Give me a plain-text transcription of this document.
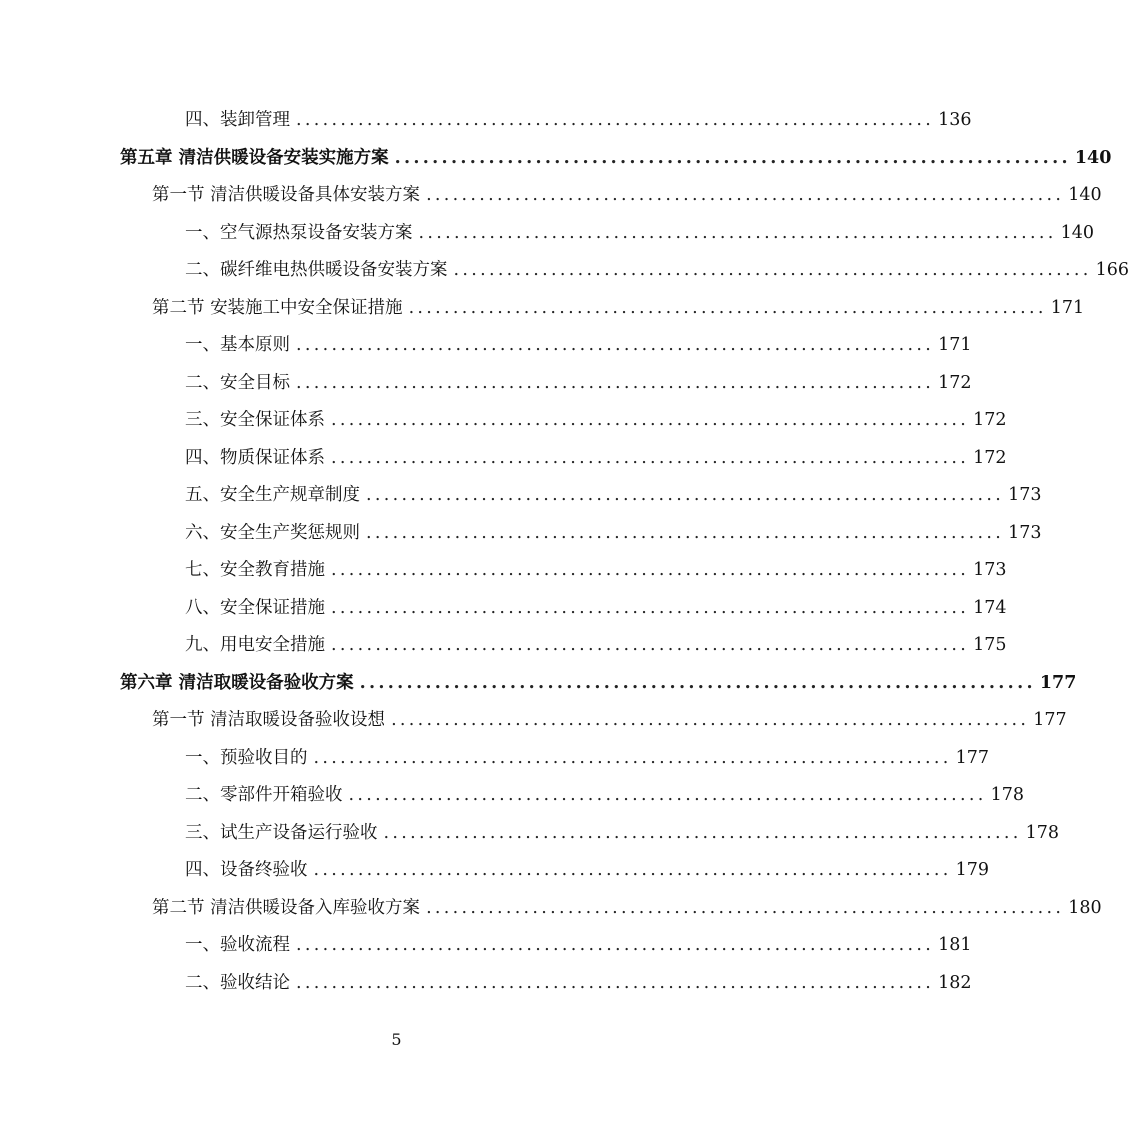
四、装卸管理 ........................................................................ 136
第五章 清洁供暖设备安装实施方案 ........................................................................ 140
第一节 清洁供暖设备具体安装方案 ........................................................................ 140
一、空气源热泵设备安装方案 ........................................................................ 140
二、碳纤维电热供暖设备安装方案 ........................................................................ 166
第二节 安装施工中安全保证措施 ........................................................................ 171
一、基本原则 ........................................................................ 171
二、安全目标 ........................................................................ 172
三、安全保证体系 ........................................................................ 172
四、物质保证体系 ........................................................................ 172
五、安全生产规章制度 ........................................................................ 173
六、安全生产奖惩规则 ........................................................................ 173
七、安全教育措施 ........................................................................ 173
八、安全保证措施 ........................................................................ 174
九、用电安全措施 ........................................................................ 175
第六章 清洁取暖设备验收方案 ........................................................................ 177
第一节 清洁取暖设备验收设想 ........................................................................ 177
一、预验收目的 ........................................................................ 177
二、零部件开箱验收 ........................................................................ 178
三、试生产设备运行验收 ........................................................................ 178
四、设备终验收 ........................................................................ 179
第二节 清洁供暖设备入库验收方案 ........................................................................ 180
一、验收流程 ........................................................................ 181
二、验收结论 ........................................................................ 182
5
